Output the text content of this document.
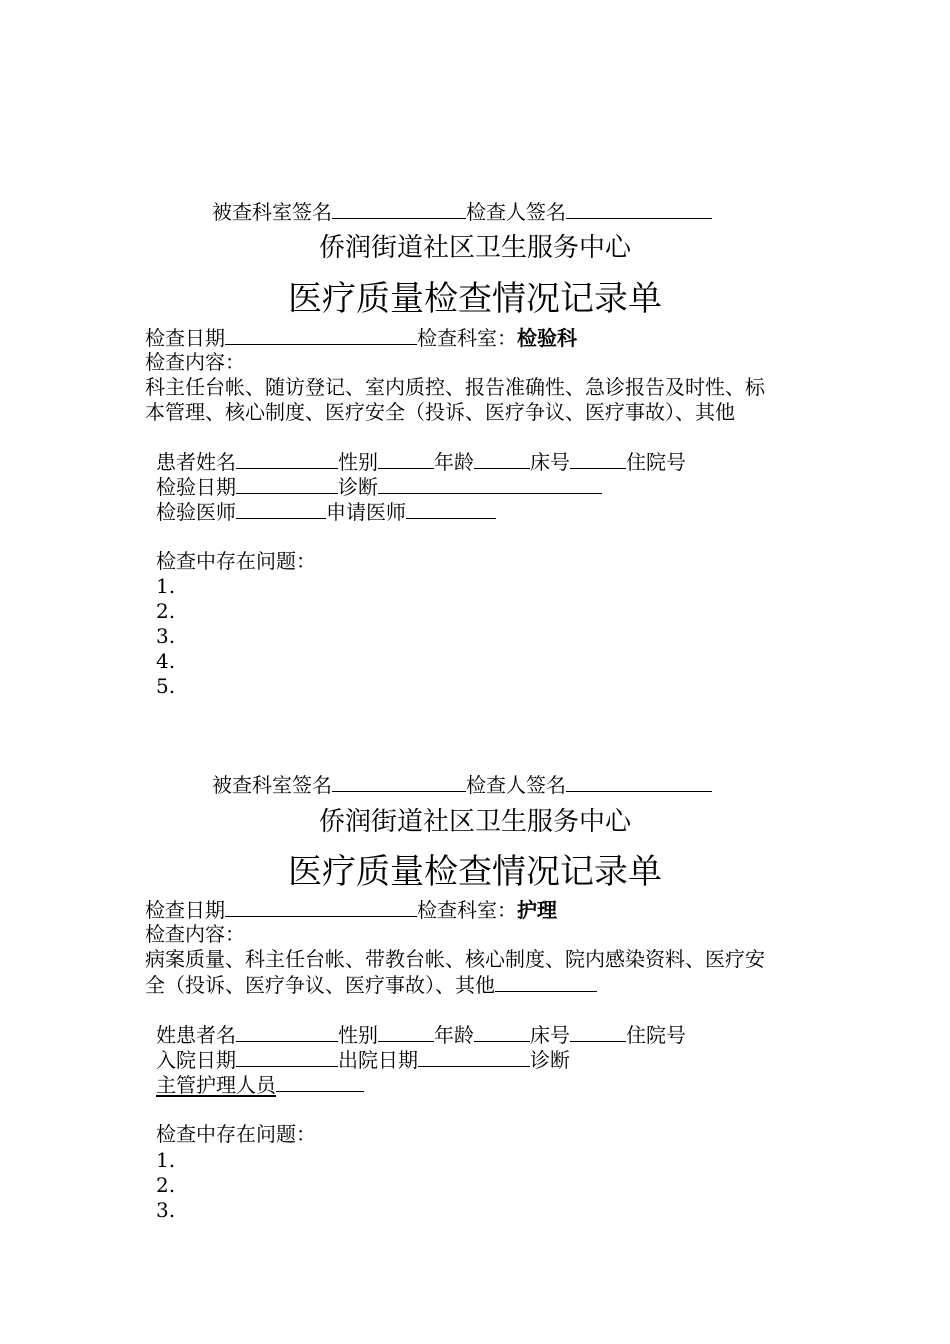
被查科室签名	检查人签名
侨润街道社区卫生服务中心
医疗质量检查情况记录单
检查日期	检查科室：检验科
检查内容：
科主任台帐、随访登记、室内质控、报告准确性、急诊报告及时性、标
本管理、核心制度、医疗安全（投诉、医疗争议、医疗事故）、其他
患者姓名	性别	年龄	床号	住院号
检验日期	诊断
检验医师	申请医师
检查中存在问题：
1.
2.
3.
4.
5.
被查科室签名	检查人签名
侨润街道社区卫生服务中心
医疗质量检查情况记录单
检查日期	检查科室：护理
检查内容：
病案质量、科主任台帐、带教台帐、核心制度、院内感染资料、医疗安
全（投诉、医疗争议、医疗事故）、其他
姓患者名	性别	年龄	床号	住院号
入院日期	出院日期	诊断
主管护理人员
检查中存在问题：
1.
2.
3.
